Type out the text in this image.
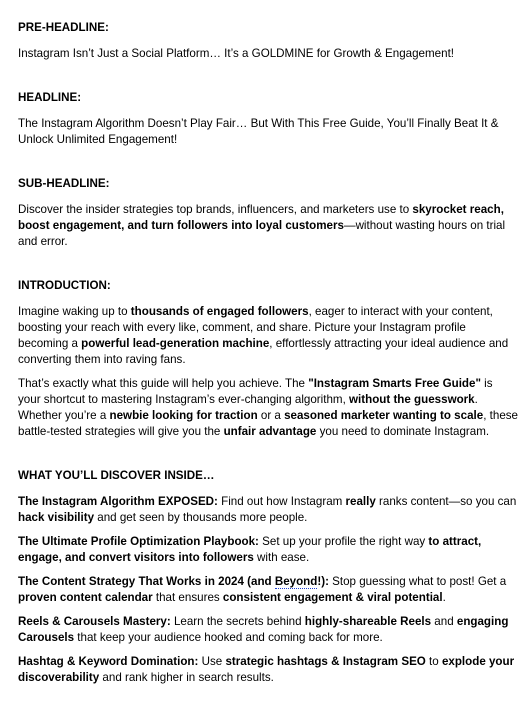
PRE-HEADLINE:

Instagram Isn’t Just a Social Platform… It’s a GOLDMINE for Growth & Engagement!

HEADLINE:

The Instagram Algorithm Doesn’t Play Fair… But With This Free Guide, You’ll Finally Beat It & Unlock Unlimited Engagement!

SUB-HEADLINE:

Discover the insider strategies top brands, influencers, and marketers use to skyrocket reach, boost engagement, and turn followers into loyal customers—without wasting hours on trial and error.

INTRODUCTION:

Imagine waking up to thousands of engaged followers, eager to interact with your content, boosting your reach with every like, comment, and share. Picture your Instagram profile becoming a powerful lead-generation machine, effortlessly attracting your ideal audience and converting them into raving fans.

That’s exactly what this guide will help you achieve. The "Instagram Smarts Free Guide" is your shortcut to mastering Instagram’s ever-changing algorithm, without the guesswork. Whether you’re a newbie looking for traction or a seasoned marketer wanting to scale, these battle-tested strategies will give you the unfair advantage you need to dominate Instagram.

WHAT YOU’LL DISCOVER INSIDE…

The Instagram Algorithm EXPOSED: Find out how Instagram really ranks content—so you can hack visibility and get seen by thousands more people.

The Ultimate Profile Optimization Playbook: Set up your profile the right way to attract, engage, and convert visitors into followers with ease.

The Content Strategy That Works in 2024 (and Beyond!): Stop guessing what to post! Get a proven content calendar that ensures consistent engagement & viral potential.

Reels & Carousels Mastery: Learn the secrets behind highly-shareable Reels and engaging Carousels that keep your audience hooked and coming back for more.

Hashtag & Keyword Domination: Use strategic hashtags & Instagram SEO to explode your discoverability and rank higher in search results.
